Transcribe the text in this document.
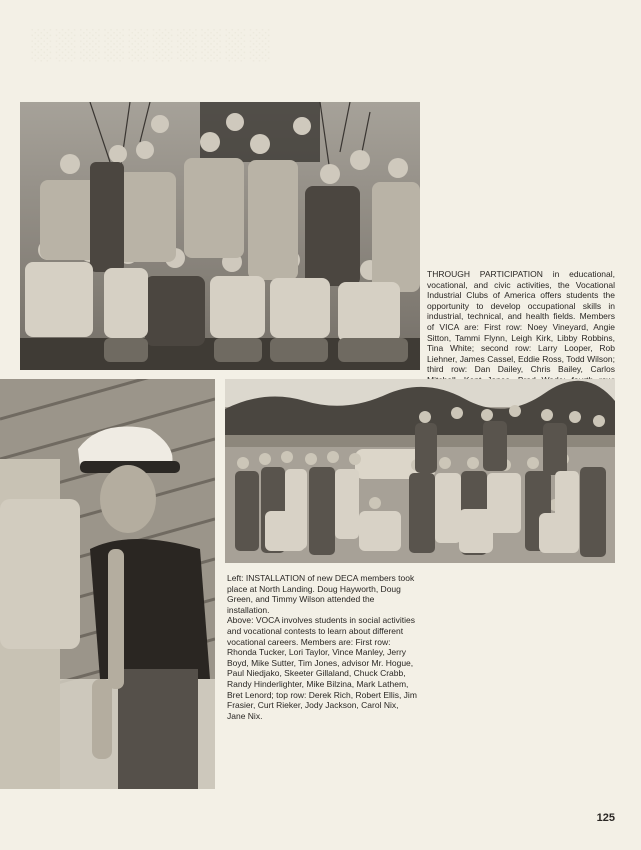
░░░░░░░░░░

THROUGH PARTICIPATION in educational, vocational, and civic activities, the Vocational Industrial Clubs of America offers students the opportunity to develop occupational skills in industrial, technical, and health fields. Members of VICA are: First row: Noey Vineyard, Angie Sitton, Tammi Flynn, Leigh Kirk, Libby Robbins, Tina White; second row: Larry Looper, Rob Liehner, James Cassel, Eddie Ross, Todd Wilson; third row: Dan Dailey, Chris Bailey, Carlos

Left: INSTALLATION of new DECA members took place at North Landing. Doug Hayworth, Doug Green, and Timmy Wilson attended the installation.

Above: VOCA involves students in social activities and vocational contests to learn about different vocational careers. Members are: First row: Rhonda Tucker, Lori Taylor, Vince Manley, Jerry Boyd, Mike Sutter, Tim Jones, advisor Mr. Hogue, Paul Niedjako, Skeeter Gillaland, Chuck Crabb, Randy Hinderlighter, Mike Bilzina, Mark Lathem, Bret Lenord; top row: Derek Rich, Robert Ellis, Jim Frasier, Curt Rieker, Jody Jackson, Carol Nix, Jane Nix.

125
